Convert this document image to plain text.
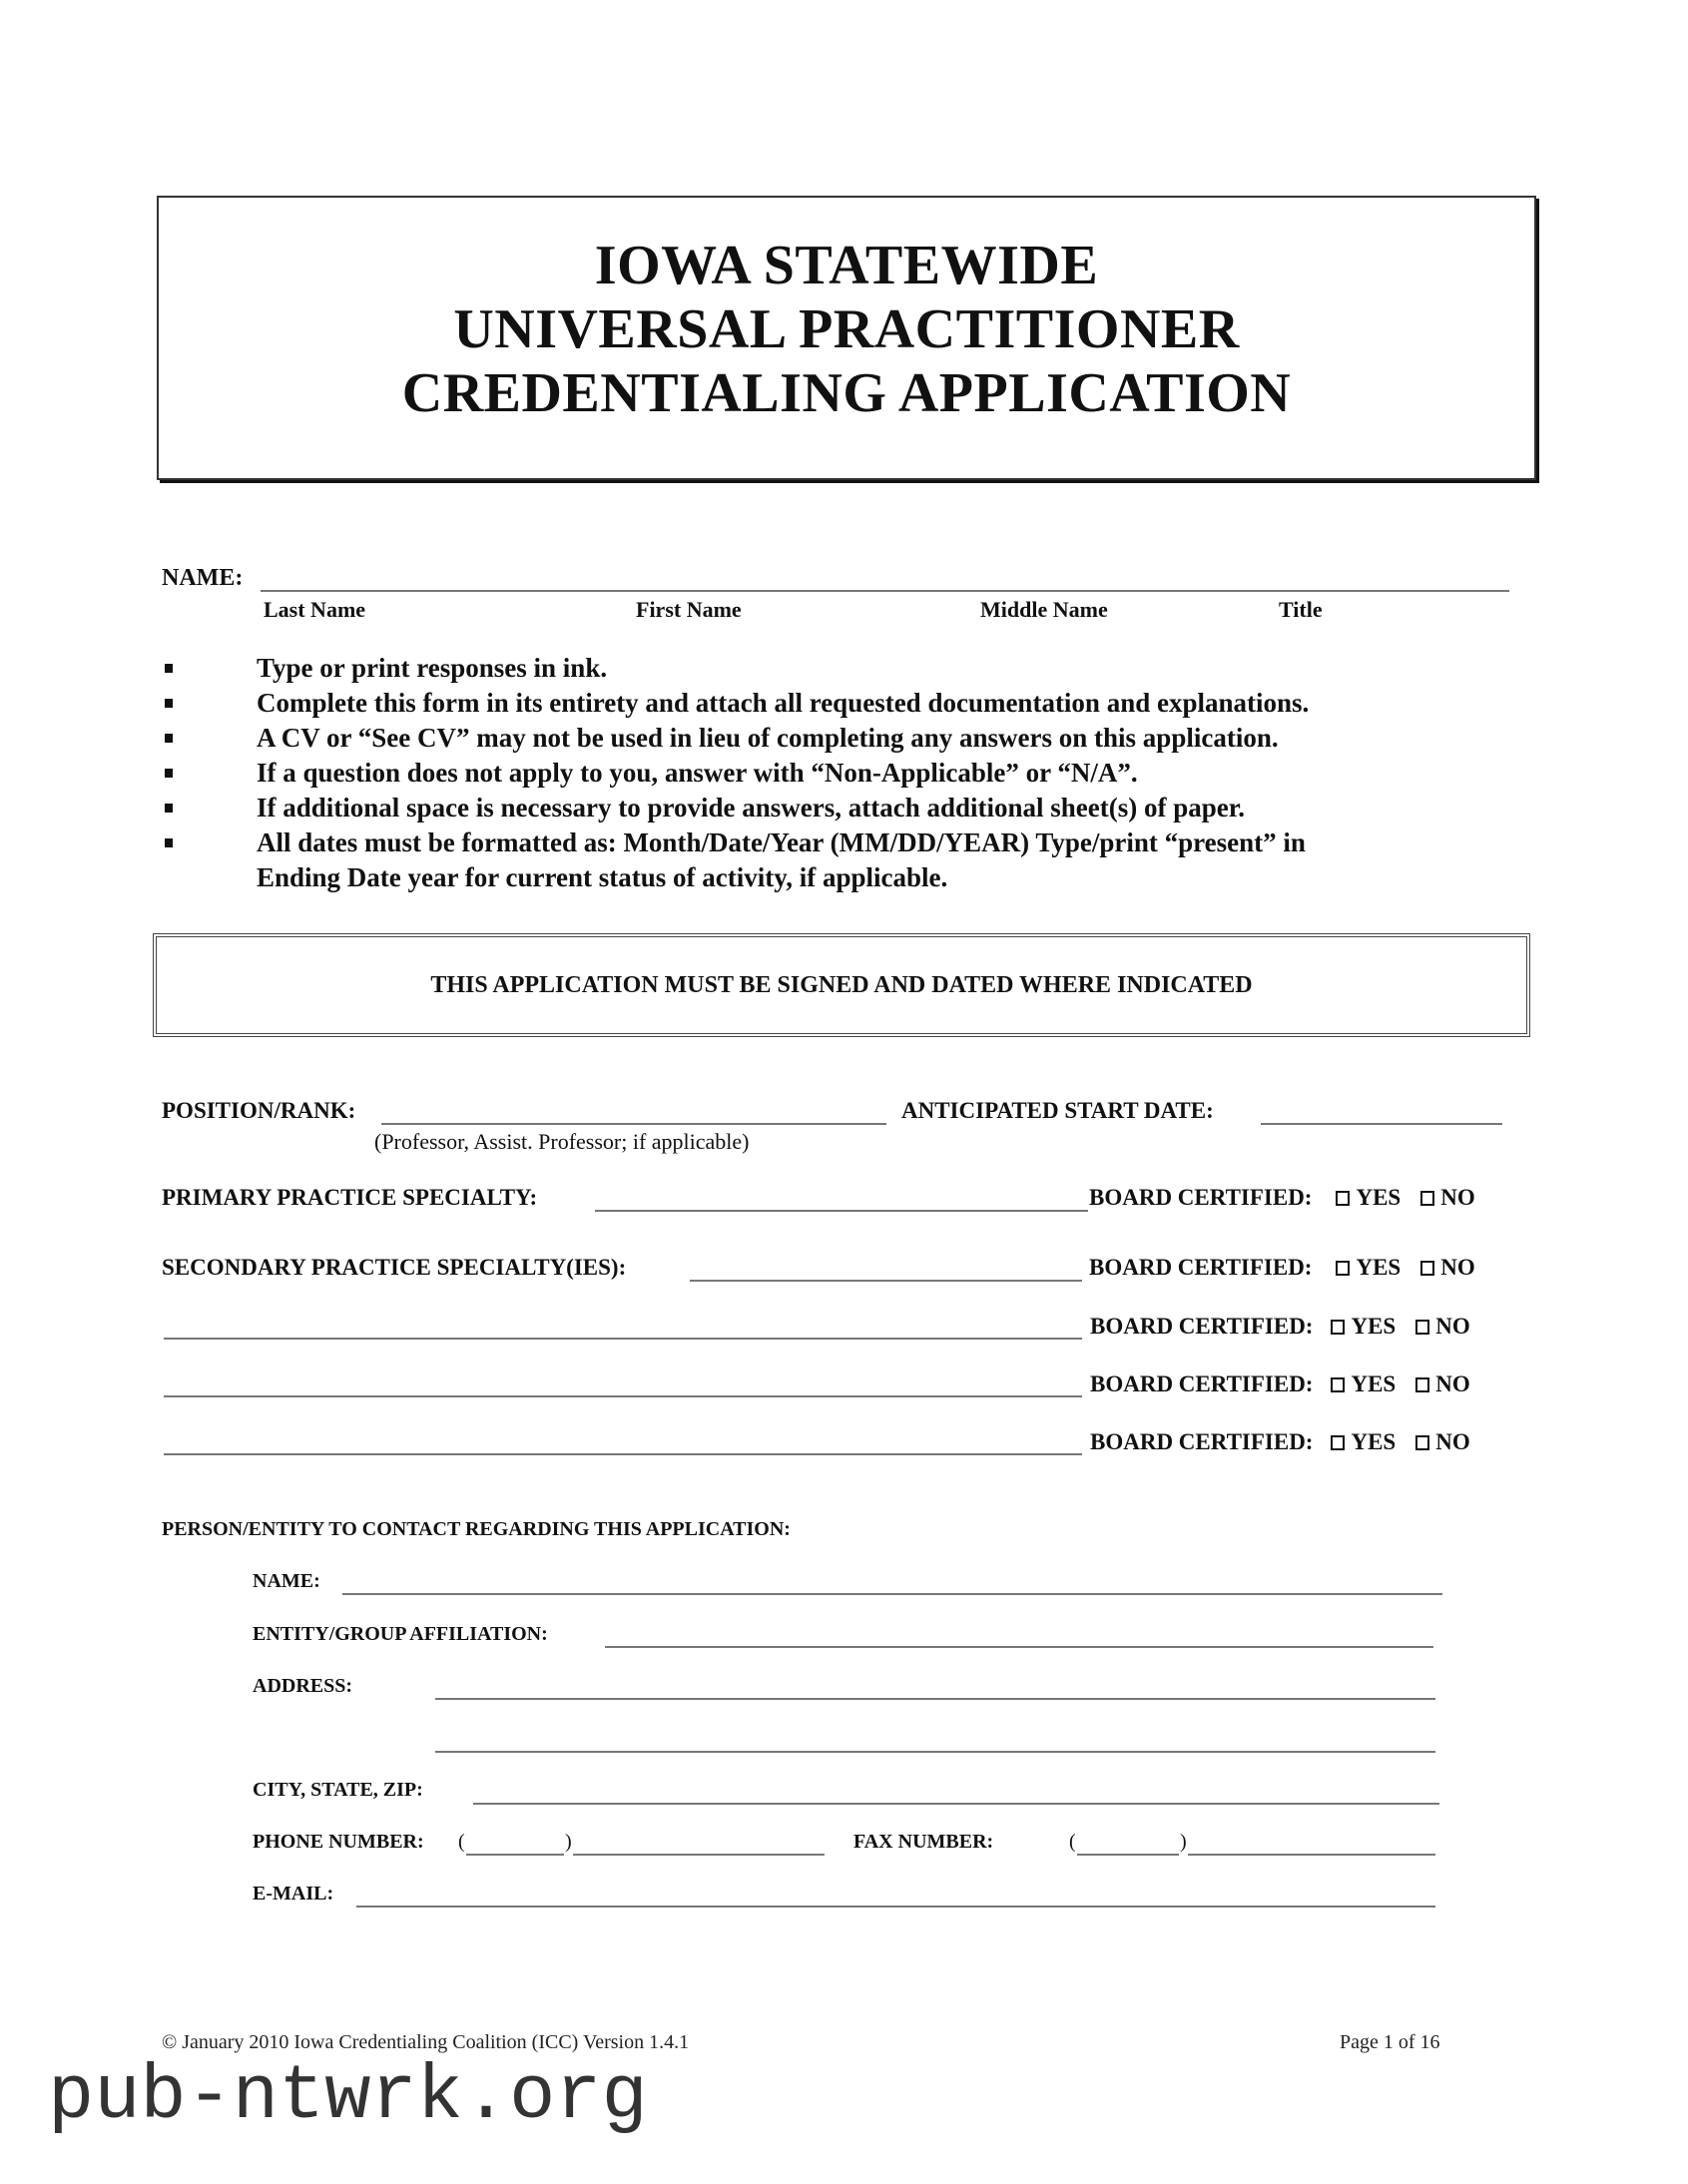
IOWA STATEWIDE
UNIVERSAL PRACTITIONER
CREDENTIALING APPLICATION
NAME:
Last Name	First Name	Middle Name	Title
Type or print responses in ink.
Complete this form in its entirety and attach all requested documentation and explanations.
A CV or “See CV” may not be used in lieu of completing any answers on this application.
If a question does not apply to you, answer with “Non-Applicable” or “N/A”.
If additional space is necessary to provide answers, attach additional sheet(s) of paper.
All dates must be formatted as: Month/Date/Year (MM/DD/YEAR) Type/print “present” in
Ending Date year for current status of activity, if applicable.
THIS APPLICATION MUST BE SIGNED AND DATED WHERE INDICATED
POSITION/RANK:
(Professor, Assist. Professor; if applicable)
ANTICIPATED START DATE:
PRIMARY PRACTICE SPECIALTY:	BOARD CERTIFIED: YES NO
SECONDARY PRACTICE SPECIALTY(IES):	BOARD CERTIFIED: YES NO
BOARD CERTIFIED: YES NO
BOARD CERTIFIED: YES NO
BOARD CERTIFIED: YES NO
PERSON/ENTITY TO CONTACT REGARDING THIS APPLICATION:
NAME:
ENTITY/GROUP AFFILIATION:
ADDRESS:
CITY, STATE, ZIP:
PHONE NUMBER: (	)	FAX NUMBER:	(	)
E-MAIL:
© January 2010 Iowa Credentialing Coalition (ICC) Version 1.4.1	Page 1 of 16
pub-ntwrk.org
